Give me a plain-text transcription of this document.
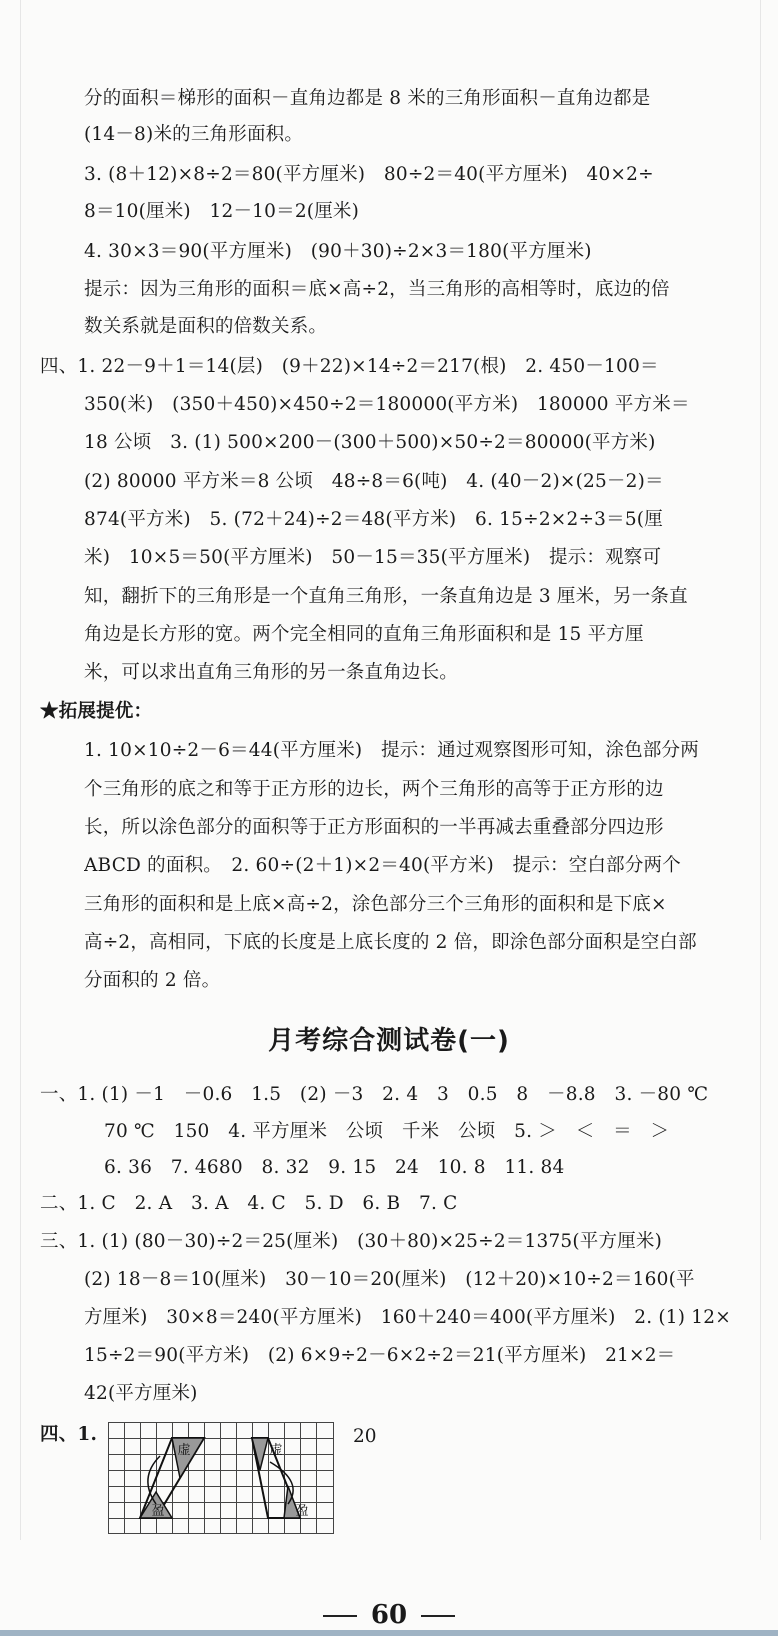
分的面积＝梯形的面积－直角边都是 8 米的三角形面积－直角边都是
(14－8)米的三角形面积。
3. (8＋12)×8÷2＝80(平方厘米)　80÷2＝40(平方厘米)　40×2÷
8＝10(厘米)　12－10＝2(厘米)
4. 30×3＝90(平方厘米)　(90＋30)÷2×3＝180(平方厘米)
提示：因为三角形的面积＝底×高÷2，当三角形的高相等时，底边的倍
数关系就是面积的倍数关系。
四、1. 22－9＋1＝14(层)　(9＋22)×14÷2＝217(根)　2. 450－100＝
350(米)　(350＋450)×450÷2＝180000(平方米)　180000 平方米＝
18 公顷　3. (1) 500×200－(300＋500)×50÷2＝80000(平方米)
(2) 80000 平方米＝8 公顷　48÷8＝6(吨)　4. (40－2)×(25－2)＝
874(平方米)　5. (72＋24)÷2＝48(平方米)　6. 15÷2×2÷3＝5(厘
米)　10×5＝50(平方厘米)　50－15＝35(平方厘米)　提示：观察可
知，翻折下的三角形是一个直角三角形，一条直角边是 3 厘米，另一条直
角边是长方形的宽。两个完全相同的直角三角形面积和是 15 平方厘
米，可以求出直角三角形的另一条直角边长。
★拓展提优：
1. 10×10÷2－6＝44(平方厘米)　提示：通过观察图形可知，涂色部分两
个三角形的底之和等于正方形的边长，两个三角形的高等于正方形的边
长，所以涂色部分的面积等于正方形面积的一半再减去重叠部分四边形
ABCD 的面积。　2. 60÷(2＋1)×2＝40(平方米)　提示：空白部分两个
三角形的面积和是上底×高÷2，涂色部分三个三角形的面积和是下底×
高÷2，高相同，下底的长度是上底长度的 2 倍，即涂色部分面积是空白部
分面积的 2 倍。
月考综合测试卷(一)
一、1. (1) －1　－0.6　1.5　(2) －3　2. 4　3　0.5　8　－8.8　3. －80 ℃
70 ℃　150　4. 平方厘米　公顷　千米　公顷　5. ＞　＜　＝　＞
6. 36　7. 4680　8. 32　9. 15　24　10. 8　11. 84
二、1. C　2. A　3. A　4. C　5. D　6. B　7. C
三、1. (1) (80－30)÷2＝25(厘米)　(30＋80)×25÷2＝1375(平方厘米)
(2) 18－8＝10(厘米)　30－10＝20(厘米)　(12＋20)×10÷2＝160(平
方厘米)　30×8＝240(平方厘米)　160＋240＝400(平方厘米)　2. (1) 12×
15÷2＝90(平方米)　(2) 6×9÷2－6×2÷2＝21(平方厘米)　21×2＝
42(平方厘米)
四、1.
虚
盈
虚
盈
20
60
